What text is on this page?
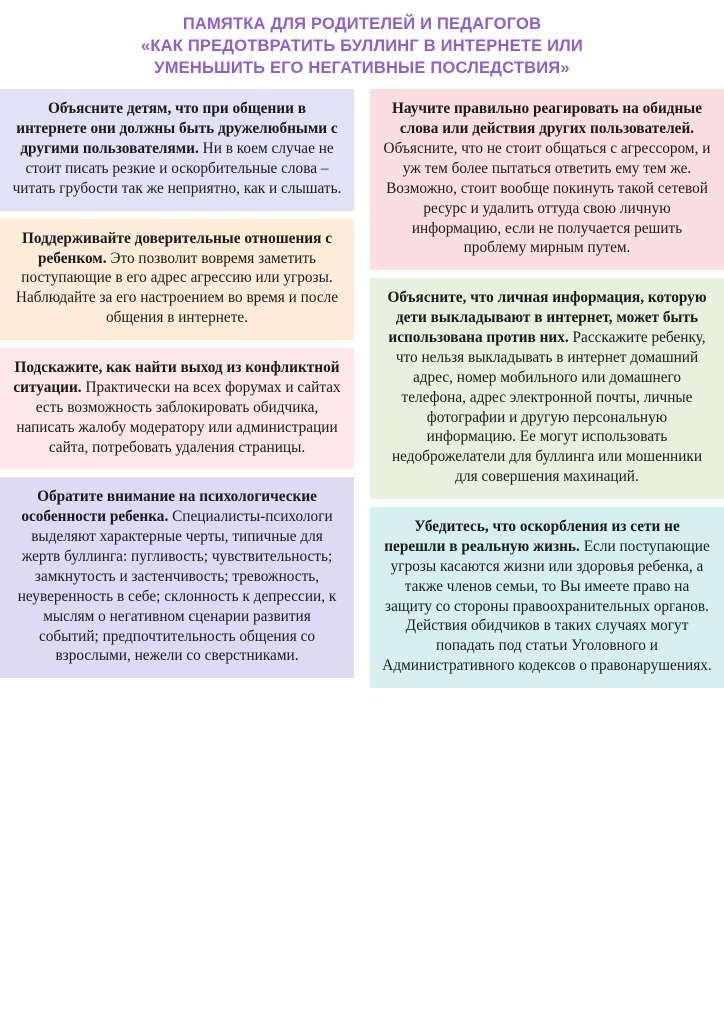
ПАМЯТКА ДЛЯ РОДИТЕЛЕЙ И ПЕДАГОГОВ
«КАК ПРЕДОТВРАТИТЬ БУЛЛИНГ В ИНТЕРНЕТЕ ИЛИ
УМЕНЬШИТЬ ЕГО НЕГАТИВНЫЕ ПОСЛЕДСТВИЯ»

Объясните детям, что при общении в интернете они должны быть дружелюбными с другими пользователями. Ни в коем случае не стоит писать резкие и оскорбительные слова – читать грубости так же неприятно, как и слышать.

Поддерживайте доверительные отношения с ребенком. Это позволит вовремя заметить поступающие в его адрес агрессию или угрозы. Наблюдайте за его настроением во время и после общения в интернете.

Подскажите, как найти выход из конфликтной ситуации. Практически на всех форумах и сайтах есть возможность заблокировать обидчика, написать жалобу модератору или администрации сайта, потребовать удаления страницы.

Обратите внимание на психологические особенности ребенка. Специалисты-психологи выделяют характерные черты, типичные для жертв буллинга: пугливость; чувствительность; замкнутость и застенчивость; тревожность, неуверенность в себе; склонность к депрессии, к мыслям о негативном сценарии развития событий; предпочтительность общения со взрослыми, нежели со сверстниками.

Научите правильно реагировать на обидные слова или действия других пользователей. Объясните, что не стоит общаться с агрессором, и уж тем более пытаться ответить ему тем же. Возможно, стоит вообще покинуть такой сетевой ресурс и удалить оттуда свою личную информацию, если не получается решить проблему мирным путем.

Объясните, что личная информация, которую дети выкладывают в интернет, может быть использована против них. Расскажите ребенку, что нельзя выкладывать в интернет домашний адрес, номер мобильного или домашнего телефона, адрес электронной почты, личные фотографии и другую персональную информацию. Ее могут использовать недоброжелатели для буллинга или мошенники для совершения махинаций.

Убедитесь, что оскорбления из сети не перешли в реальную жизнь. Если поступающие угрозы касаются жизни или здоровья ребенка, а также членов семьи, то Вы имеете право на защиту со стороны правоохранительных органов. Действия обидчиков в таких случаях могут попадать под статьи Уголовного и Административного кодексов о правонарушениях.
